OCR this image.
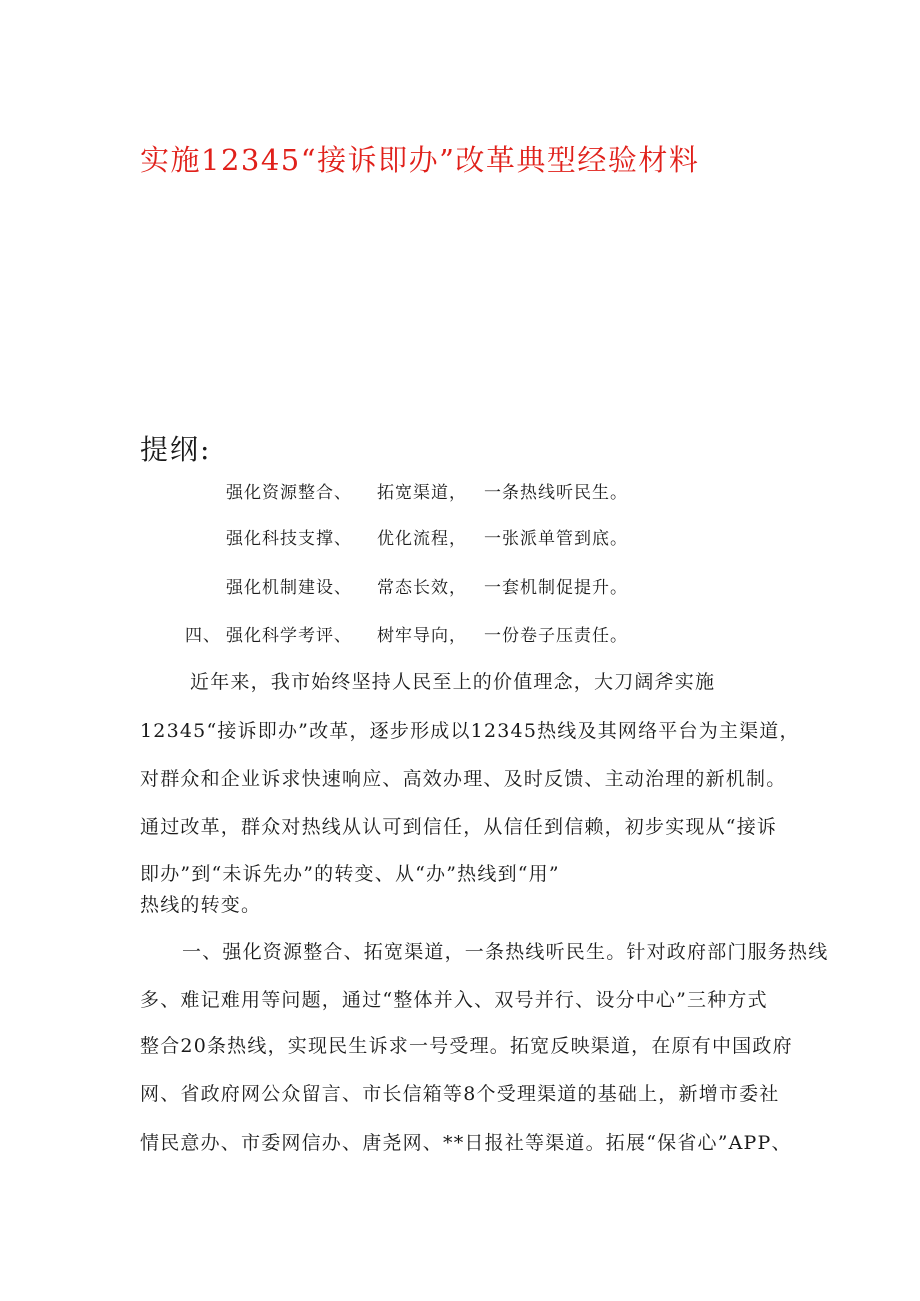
实施12345“接诉即办”改革典型经验材料
提纲:
强化资源整合、 拓宽渠道， 一条热线听民生。
强化科技支撑、 优化流程， 一张派单管到底。
强化机制建设、 常态长效， 一套机制促提升。
四、 强化科学考评、 树牢导向， 一份卷子压责任。
近年来，我市始终坚持人民至上的价值理念，大刀阔斧实施
12345“接诉即办”改革，逐步形成以12345热线及其网络平台为主渠道，
对群众和企业诉求快速响应、高效办理、及时反馈、主动治理的新机制。
通过改革，群众对热线从认可到信任，从信任到信赖，初步实现从“接诉
即办”到“未诉先办”的转变、从“办”热线到“用”
热线的转变。
一、强化资源整合、拓宽渠道，一条热线听民生。针对政府部门服务热线
多、难记难用等问题，通过“整体并入、双号并行、设分中心”三种方式
整合20条热线，实现民生诉求一号受理。拓宽反映渠道，在原有中国政府
网、省政府网公众留言、市长信箱等8个受理渠道的基础上，新增市委社
情民意办、市委网信办、唐尧网、**日报社等渠道。拓展“保省心”APP、
